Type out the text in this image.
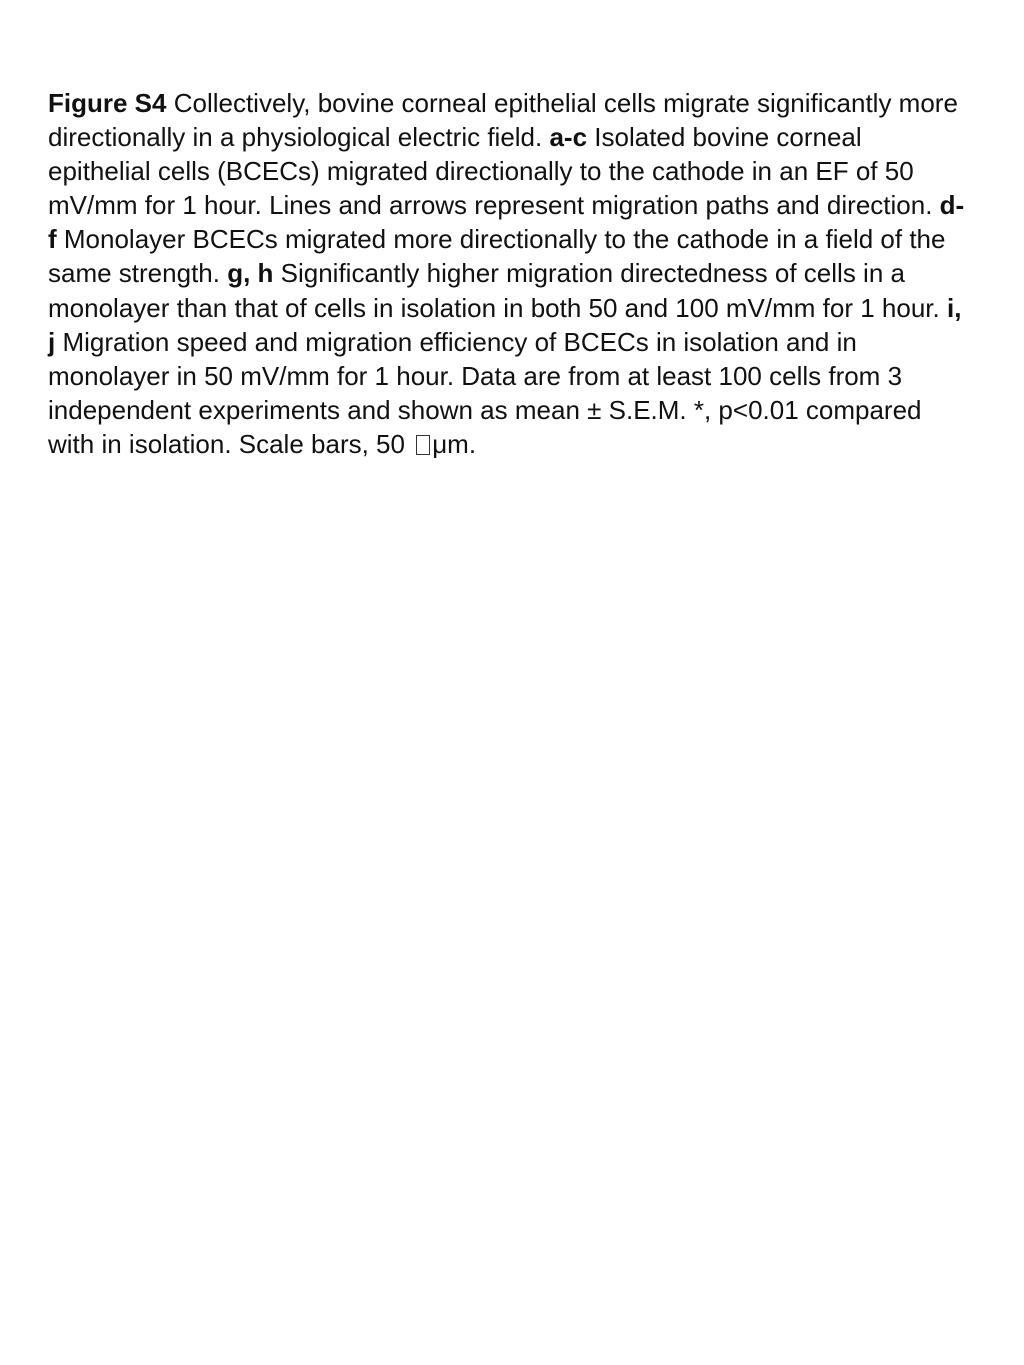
Figure S4 Collectively, bovine corneal epithelial cells migrate significantly more directionally in a physiological electric field. a-c Isolated bovine corneal epithelial cells (BCECs) migrated directionally to the cathode in an EF of 50 mV/mm for 1 hour. Lines and arrows represent migration paths and direction. d-f Monolayer BCECs migrated more directionally to the cathode in a field of the same strength. g, h Significantly higher migration directedness of cells in a monolayer than that of cells in isolation in both 50 and 100 mV/mm for 1 hour. i, j Migration speed and migration efficiency of BCECs in isolation and in monolayer in 50 mV/mm for 1 hour. Data are from at least 100 cells from 3 independent experiments and shown as mean ± S.E.M. *, p<0.01 compared with in isolation. Scale bars, 50 μm.
